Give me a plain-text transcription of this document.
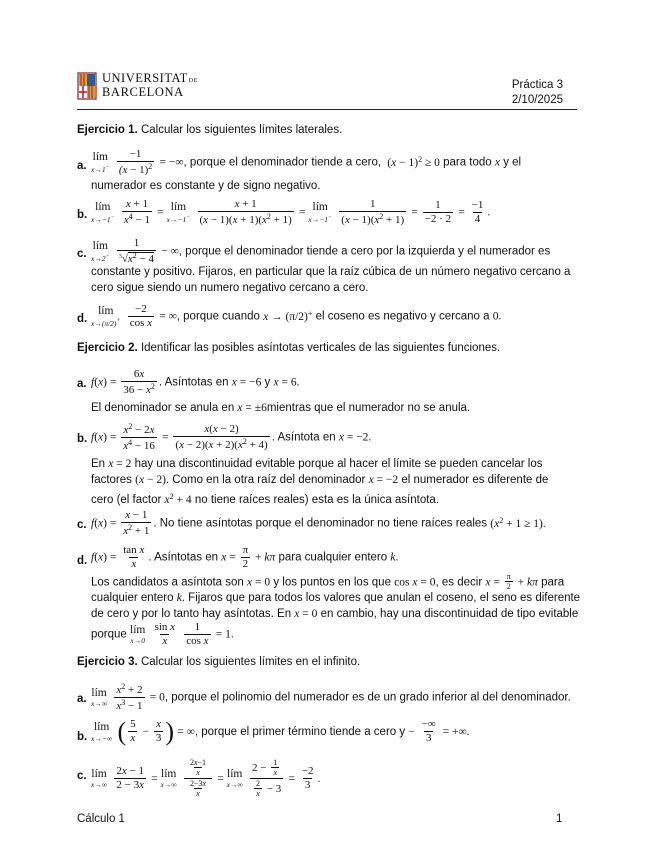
UNIVERSITATDE
BARCELONA	Práctica 3
2/10/2025
Ejercicio 1. Calcular los siguientes límites laterales.
a.
lím
x→1−
$\frac{-1}{(x - 1)^2}$ = −∞, porque el denominador tiende a cero, $(x - 1)^2 \ge 0$ para todo x y el
numerador es constante y de signo negativo.
b.
lím
x→−1−
$\frac{x + 1}{x^4 - 1}$ =
lím
x→−1−
$\frac{x + 1}{(x - 1)(x + 1)(x^2 + 1)}$ =
lím
x→−1−
$\frac{1}{(x - 1)(x^2 + 1)} = \frac{1}{-2 \cdot 2} = \frac{-1}{4}$ .
c.
lím
x→2−
$\frac{1}{^3√x^2 - 4}$ − ∞, porque el denominador tiende a cero por la izquierda y el numerador es
constante y positivo. Fijaros, en particular que la raíz cúbica de un número negativo cercano a
cero sigue siendo un numero negativo cercano a cero.
d.
lím
x→(π/2)+
$\frac{-2}{\text{cos x}}$ = ∞, porque cuando x → (π/2)+ el coseno es negativo y cercano a 0.
Ejercicio 2. Identificar las posibles asíntotas verticales de las siguientes funciones.
a. $f(x) = \frac{6x}{36 - x^2}$ . Asíntotas en x = −6 y x = 6.
El denominador se anula en x = ±6mientras que el numerador no se anula.
b. $f(x) = \frac{x^2 - 2x}{x^4 - 16} = \frac{x(x - 2)}{(x - 2)(x + 2)(x^2 + 4)}$ . Asíntota en x = −2.
En x = 2 hay una discontinuidad evitable porque al hacer el límite se pueden cancelar los
factores (x − 2). Como en la otra raíz del denominador x = −2 el numerador es diferente de
cero (el factor $x^2 + 4$ no tiene raíces reales) esta es la única asíntota.
c. $f(x) = \frac{x - 1}{x^2 + 1}$ . No tiene asíntotas porque el denominador no tiene raíces reales $(x^2 + 1 \ge 1)$.
d. $f(x) = \frac{\text{tan x}}{x}$ . Asíntotas en $x = \frac{\pi}{2} + k\pi$ para cualquier entero k.
Los candidatos a asíntota son x = 0 y los puntos en los que cos x = 0, es decir $x = \frac{\pi}{2} + k\pi$ para
cualquier entero k. Fijaros que para todos los valores que anulan el coseno, el seno es diferente
de cero y por lo tanto hay asíntotas. En x = 0 en cambio, hay una discontinuidad de tipo evitable
porque lím
x→0
$\frac{\text{sin x}}{x}$
$\frac{1}{\text{cos x}} = 1$.
Ejercicio 3. Calcular los siguientes límites en el infinito.
a.
lím
x→∞
$\frac{x^2 + 2}{x^3 - 1} = 0$, porque el polinomio del numerador es de un grado inferior al del denominador.
b.
lím
x→−∞ ( $\frac{5}{x} - \frac{x}{3}$ ) = ∞, porque el primer término tiende a cero $y - \frac{-\infty}{3}$ = +∞.
c. lím
x→∞
$\frac{2x - 1}{2 - 3x}$ = lím
x→∞
$\frac{\frac{2x-1}{x}}{\frac{2-3x}{x}}$ = lím
x→∞
$\frac{2 - \frac{1}{x}}{\frac{2}{x} - 3} = \frac{-2}{3}$ .
Cálculo 1	1
